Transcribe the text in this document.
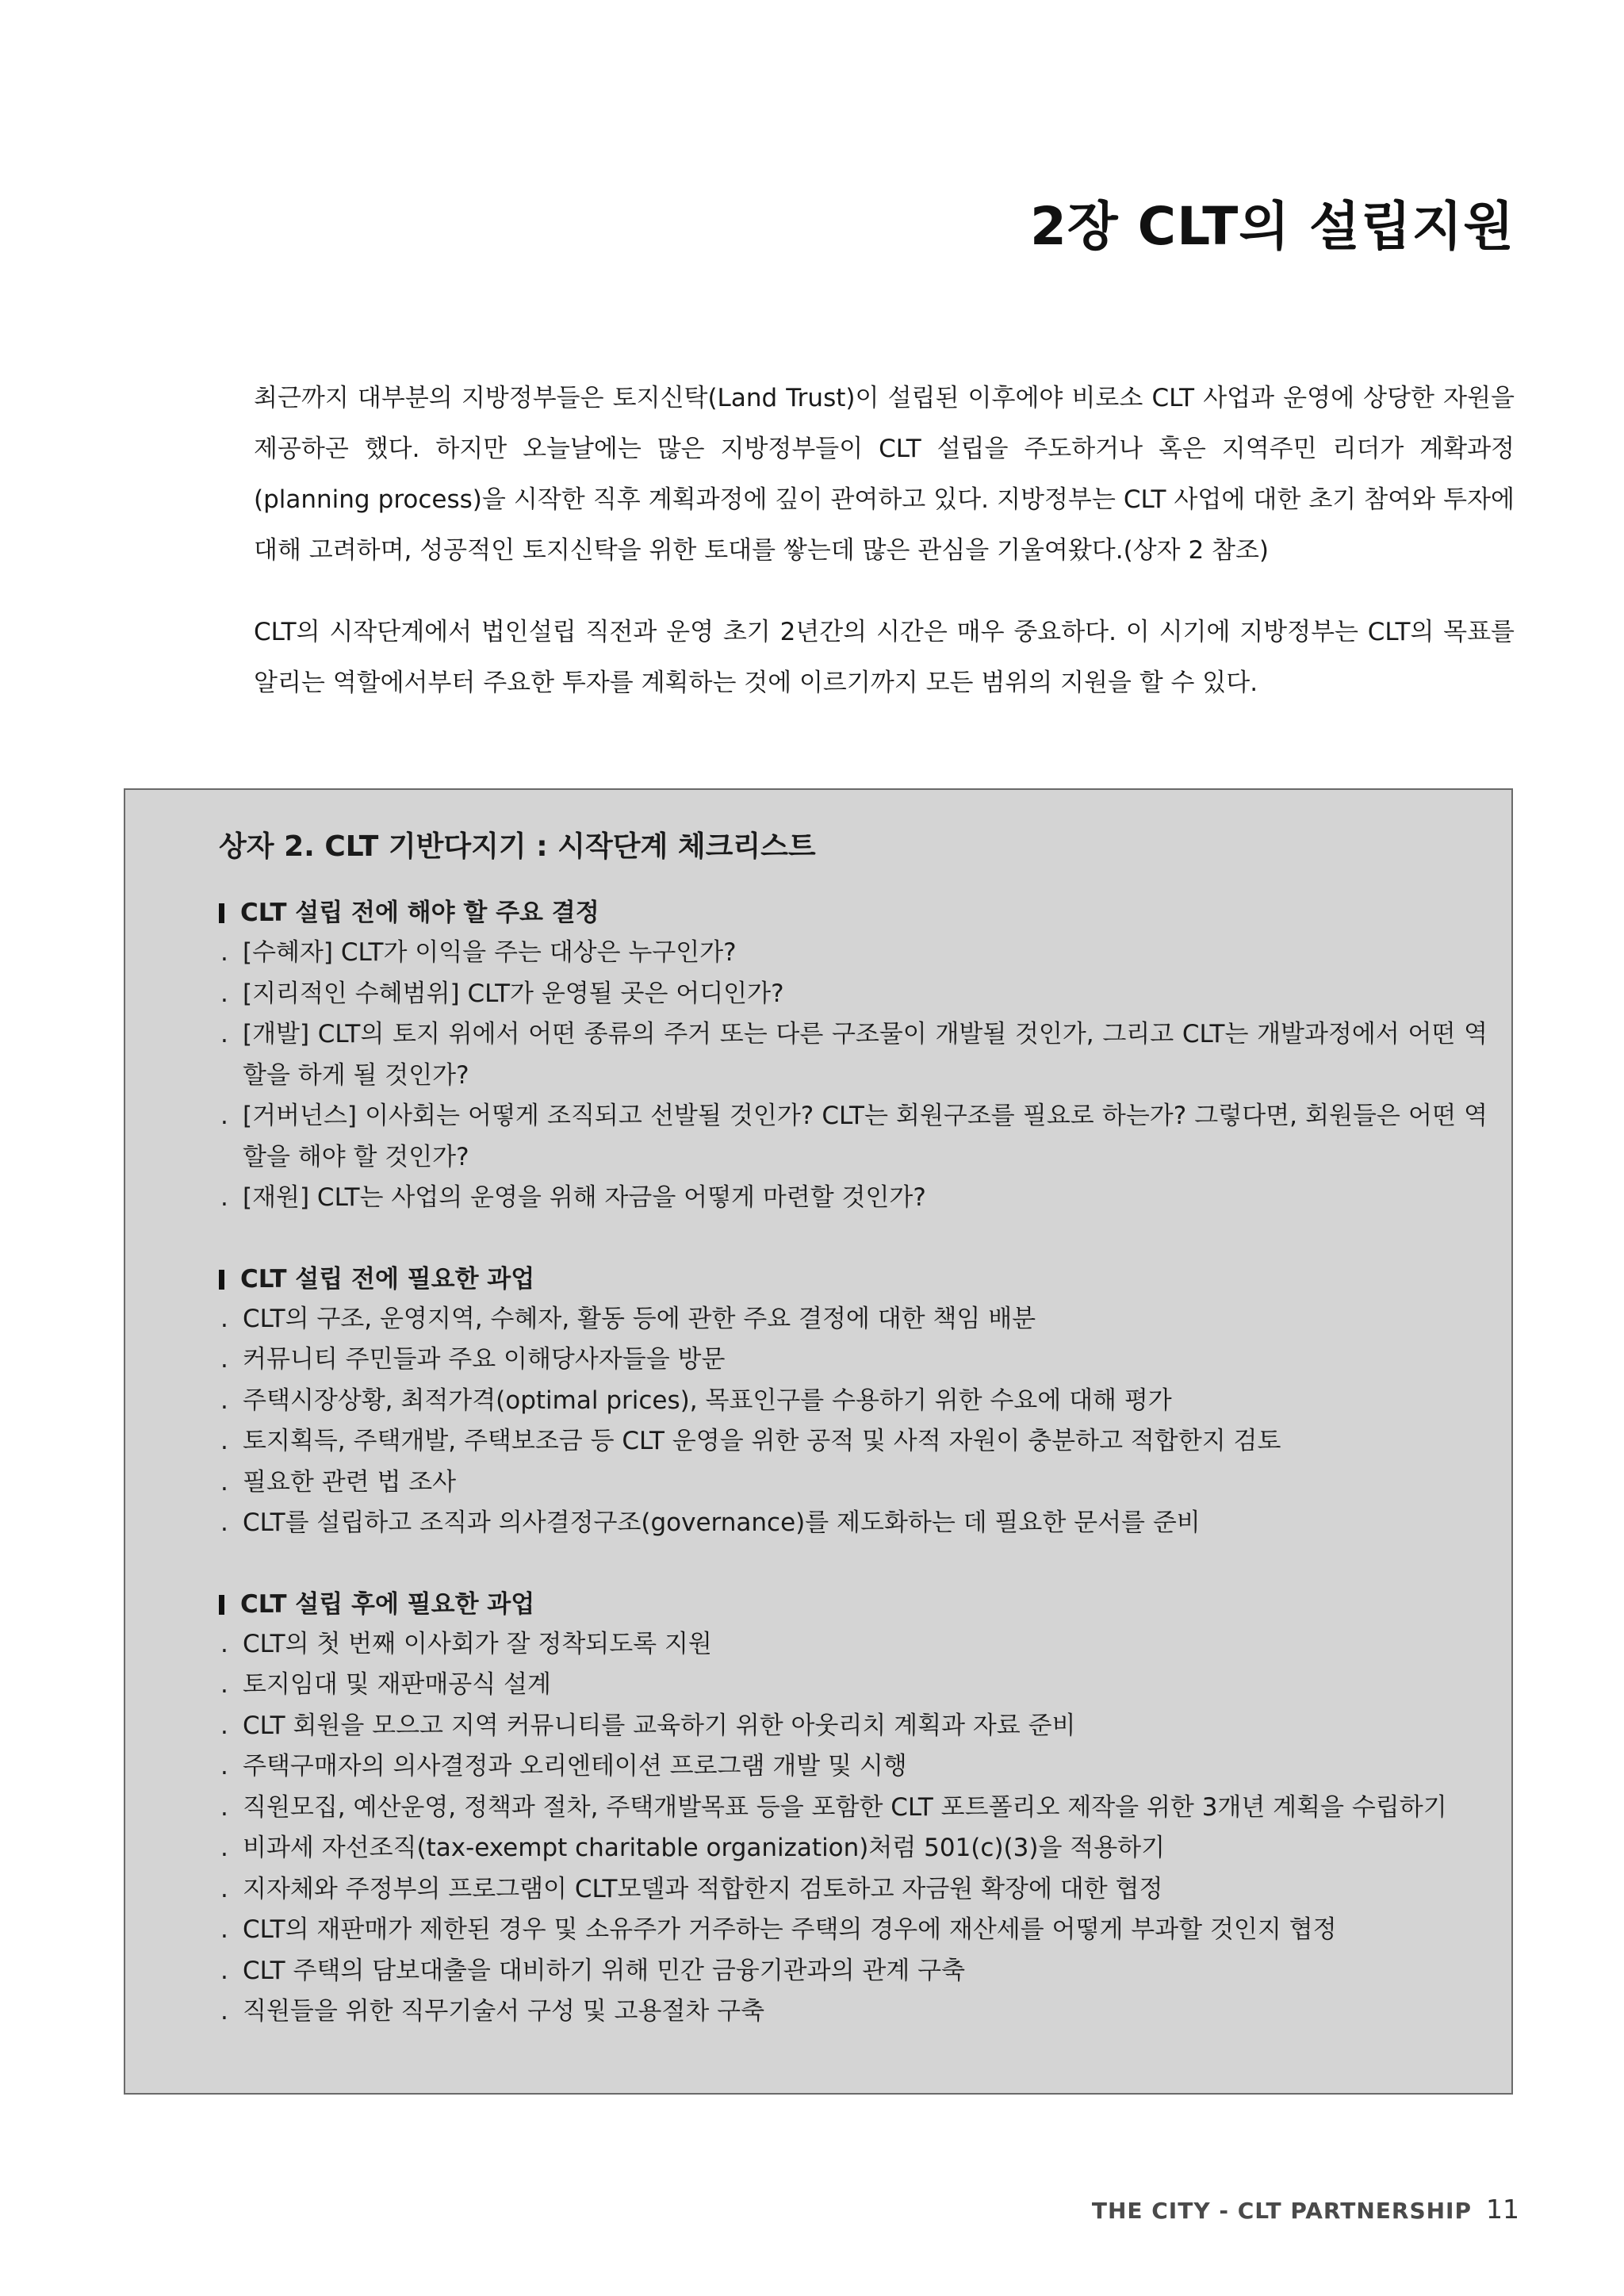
2장 CLT의 설립지원

최근까지 대부분의 지방정부들은 토지신탁(Land Trust)이 설립된 이후에야 비로소 CLT 사업과 운영에 상당한 자원을 제공하곤 했다. 하지만 오늘날에는 많은 지방정부들이 CLT 설립을 주도하거나 혹은 지역주민 리더가 계확과정(planning process)을 시작한 직후 계획과정에 깊이 관여하고 있다. 지방정부는 CLT 사업에 대한 초기 참여와 투자에 대해 고려하며, 성공적인 토지신탁을 위한 토대를 쌓는데 많은 관심을 기울여왔다.(상자 2 참조)

CLT의 시작단계에서 법인설립 직전과 운영 초기 2년간의 시간은 매우 중요하다. 이 시기에 지방정부는 CLT의 목표를 알리는 역할에서부터 주요한 투자를 계획하는 것에 이르기까지 모든 범위의 지원을 할 수 있다.

상자 2. CLT 기반다지기 : 시작단계 체크리스트
CLT 설립 전에 해야 할 주요 결정
. [수혜자] CLT가 이익을 주는 대상은 누구인가?
. [지리적인 수혜범위] CLT가 운영될 곳은 어디인가?
. [개발] CLT의 토지 위에서 어떤 종류의 주거 또는 다른 구조물이 개발될 것인가, 그리고 CLT는 개발과정에서 어떤 역할을 하게 될 것인가?
. [거버넌스] 이사회는 어떻게 조직되고 선발될 것인가? CLT는 회원구조를 필요로 하는가? 그렇다면, 회원들은 어떤 역할을 해야 할 것인가?
. [재원] CLT는 사업의 운영을 위해 자금을 어떻게 마련할 것인가?
CLT 설립 전에 필요한 과업
. CLT의 구조, 운영지역, 수혜자, 활동 등에 관한 주요 결정에 대한 책임 배분
. 커뮤니티 주민들과 주요 이해당사자들을 방문
. 주택시장상황, 최적가격(optimal prices), 목표인구를 수용하기 위한 수요에 대해 평가
. 토지획득, 주택개발, 주택보조금 등 CLT 운영을 위한 공적 및 사적 자원이 충분하고 적합한지 검토
. 필요한 관련 법 조사
. CLT를 설립하고 조직과 의사결정구조(governance)를 제도화하는 데 필요한 문서를 준비
CLT 설립 후에 필요한 과업
. CLT의 첫 번째 이사회가 잘 정착되도록 지원
. 토지임대 및 재판매공식 설계
. CLT 회원을 모으고 지역 커뮤니티를 교육하기 위한 아웃리치 계획과 자료 준비
. 주택구매자의 의사결정과 오리엔테이션 프로그램 개발 및 시행
. 직원모집, 예산운영, 정책과 절차, 주택개발목표 등을 포함한 CLT 포트폴리오 제작을 위한 3개년 계획을 수립하기
. 비과세 자선조직(tax-exempt charitable organization)처럼 501(c)(3)을 적용하기
. 지자체와 주정부의 프로그램이 CLT모델과 적합한지 검토하고 자금원 확장에 대한 협정
. CLT의 재판매가 제한된 경우 및 소유주가 거주하는 주택의 경우에 재산세를 어떻게 부과할 것인지 협정
. CLT 주택의 담보대출을 대비하기 위해 민간 금융기관과의 관계 구축
. 직원들을 위한 직무기술서 구성 및 고용절차 구축
THE CITY - CLT PARTNERSHIP 11
